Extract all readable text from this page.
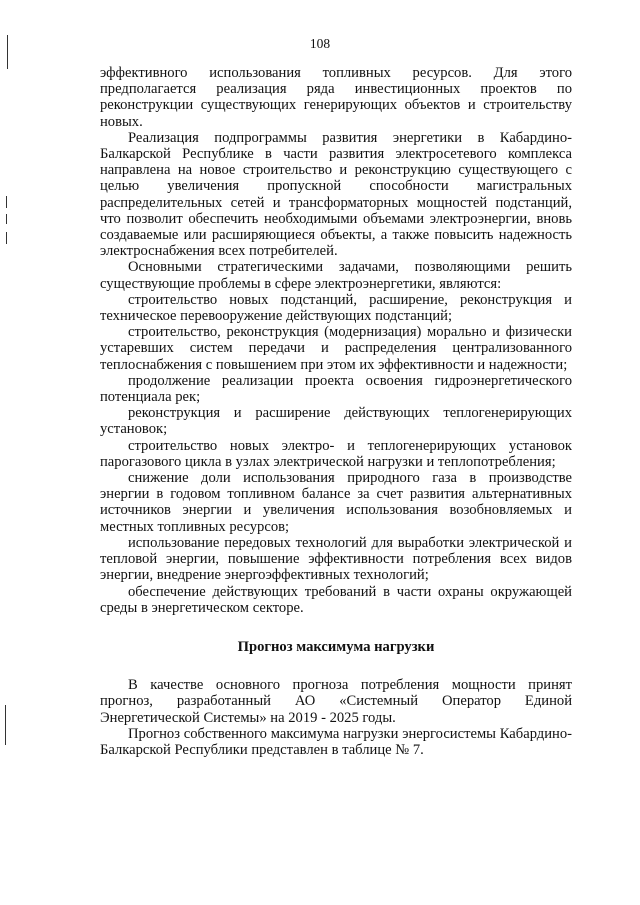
108

эффективного использования топливных ресурсов. Для этого предполагается реализация ряда инвестиционных проектов по реконструкции существующих генерирующих объектов и строительству новых.

Реализация подпрограммы развития энергетики в Кабардино-Балкарской Республике в части развития электросетевого комплекса направлена на новое строительство и реконструкцию существующего с целью увеличения пропускной способности магистральных распределительных сетей и трансформаторных мощностей подстанций, что позволит обеспечить необходимыми объемами электроэнергии, вновь создаваемые или расширяющиеся объекты, а также повысить надежность электроснабжения всех потребителей.

Основными стратегическими задачами, позволяющими решить существующие проблемы в сфере электроэнергетики, являются:

строительство новых подстанций, расширение, реконструкция и техническое перевооружение действующих подстанций;

строительство, реконструкция (модернизация) морально и физически устаревших систем передачи и распределения централизованного теплоснабжения с повышением при этом их эффективности и надежности;

продолжение реализации проекта освоения гидроэнергетического потенциала рек;

реконструкция и расширение действующих теплогенерирующих установок;

строительство новых электро- и теплогенерирующих установок парогазового цикла в узлах электрической нагрузки и теплопотребления;

снижение доли использования природного газа в производстве энергии в годовом топливном балансе за счет развития альтернативных источников энергии и увеличения использования возобновляемых и местных топливных ресурсов;

использование передовых технологий для выработки электрической и тепловой энергии, повышение эффективности потребления всех видов энергии, внедрение энергоэффективных технологий;

обеспечение действующих требований в части охраны окружающей среды в энергетическом секторе.

Прогноз максимума нагрузки

В качестве основного прогноза потребления мощности принят прогноз, разработанный АО «Системный Оператор Единой Энергетической Системы» на 2019 - 2025 годы.

Прогноз собственного максимума нагрузки энергосистемы Кабардино-Балкарской Республики представлен в таблице № 7.
